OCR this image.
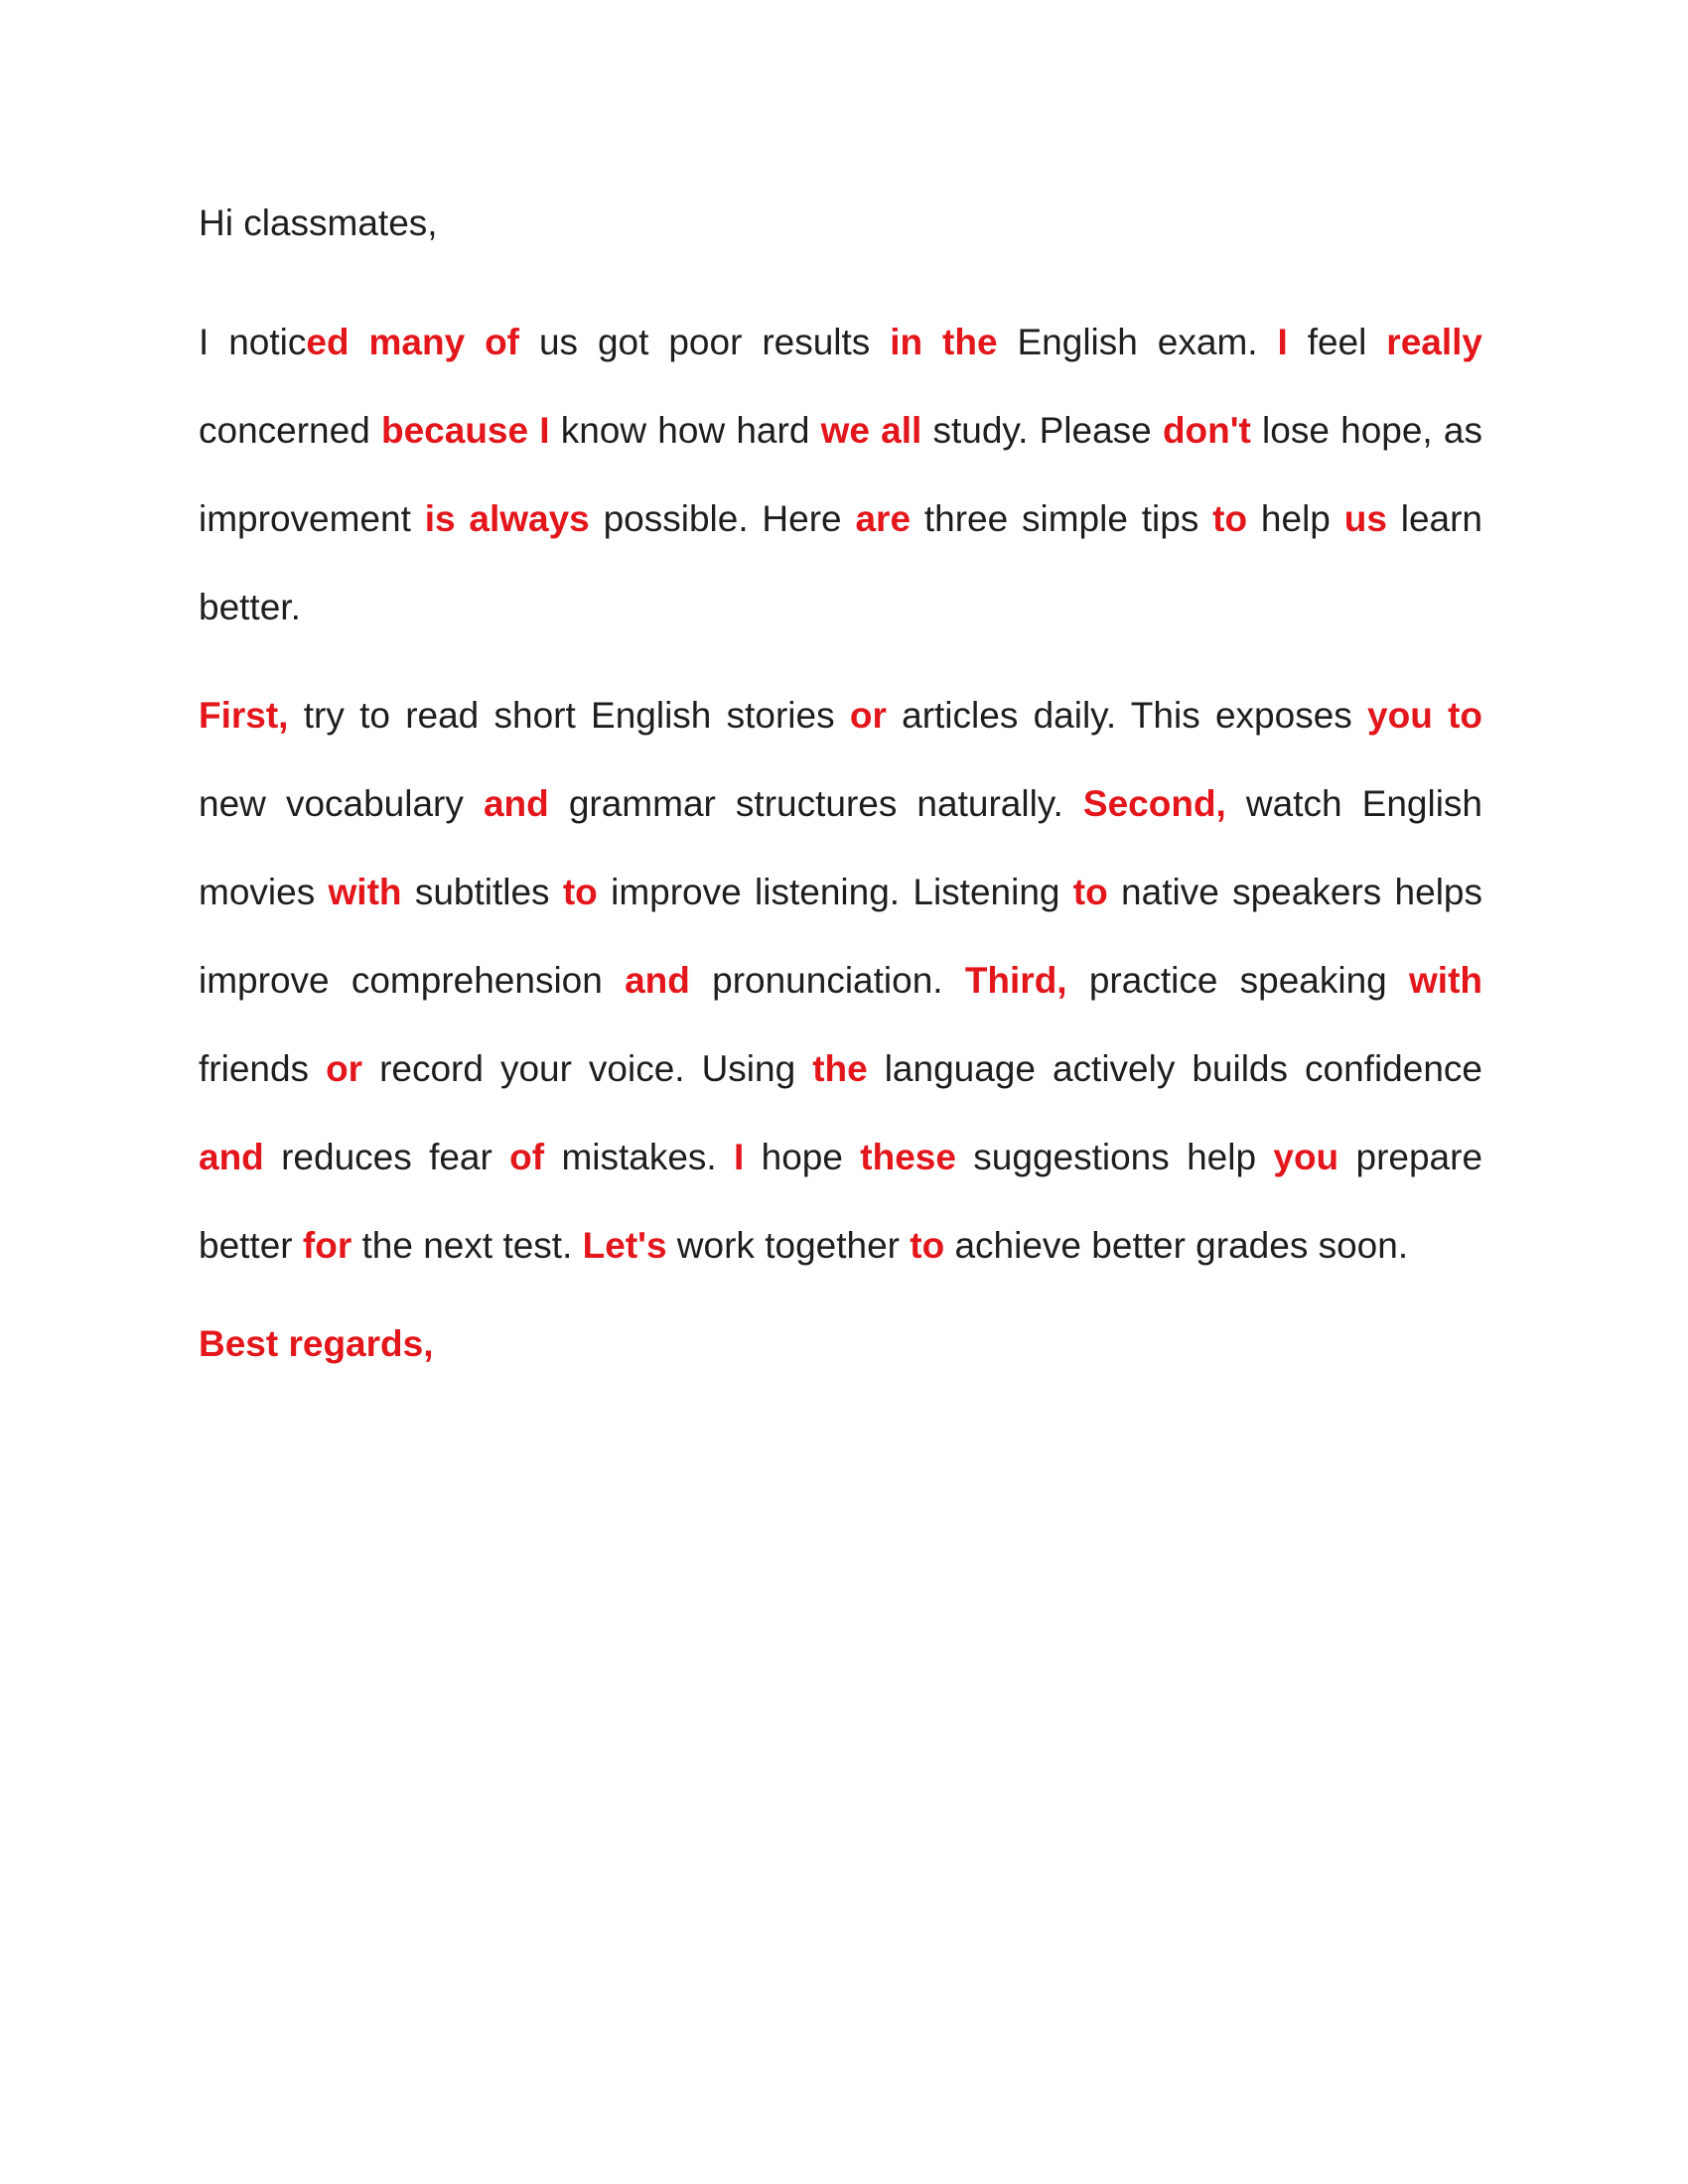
Hi classmates,

I noticed many of us got poor results in the English exam. I feel really concerned because I know how hard we all study. Please don't lose hope, as improvement is always possible. Here are three simple tips to help us learn better.

First, try to read short English stories or articles daily. This exposes you to new vocabulary and grammar structures naturally. Second, watch English movies with subtitles to improve listening. Listening to native speakers helps improve comprehension and pronunciation. Third, practice speaking with friends or record your voice. Using the language actively builds confidence and reduces fear of mistakes. I hope these suggestions help you prepare better for the next test. Let's work together to achieve better grades soon.

Best regards,
